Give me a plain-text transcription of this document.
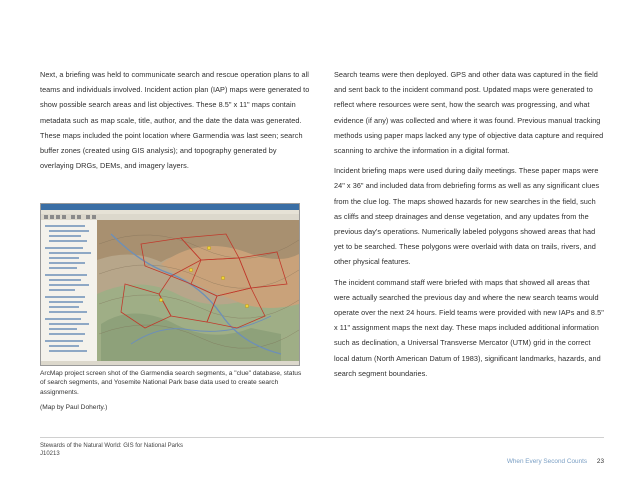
Next, a briefing was held to communicate search and rescue operation plans to all teams and individuals involved. Incident action plan (IAP) maps were generated to show possible search areas and list objectives. These 8.5" x 11" maps contain metadata such as map scale, title, author, and the date the data was generated. These maps included the point location where Garmendia was last seen; search buffer zones (created using GIS analysis); and topography generated by overlaying DRGs, DEMs, and imagery layers.

ArcMap project screen shot of the Garmendia search segments, a "clue" database, status of search segments, and Yosemite National Park base data used to create search assignments.

(Map by Paul Doherty.)

Search teams were then deployed. GPS and other data was captured in the field and sent back to the incident command post. Updated maps were generated to reflect where resources were sent, how the search was progressing, and what evidence (if any) was collected and where it was found. Previous manual tracking methods using paper maps lacked any type of objective data capture and required scanning to archive the information in a digital format.

Incident briefing maps were used during daily meetings. These paper maps were 24" x 36" and included data from debriefing forms as well as any significant clues from the clue log. The maps showed hazards for new searches in the field, such as cliffs and steep drainages and dense vegetation, and any updates from the previous day's operations. Numerically labeled polygons showed areas that had yet to be searched. These polygons were overlaid with data on trails, rivers, and other physical features.

The incident command staff were briefed with maps that showed all areas that were actually searched the previous day and where the new search teams would operate over the next 24 hours. Field teams were provided with new IAPs and 8.5" x 11" assignment maps the next day. These maps included additional information such as declination, a Universal Transverse Mercator (UTM) grid in the correct local datum (North American Datum of 1983), significant landmarks, hazards, and search segment boundaries.

Stewards of the Natural World: GIS for National Parks
J10213
When Every Second Counts 23
